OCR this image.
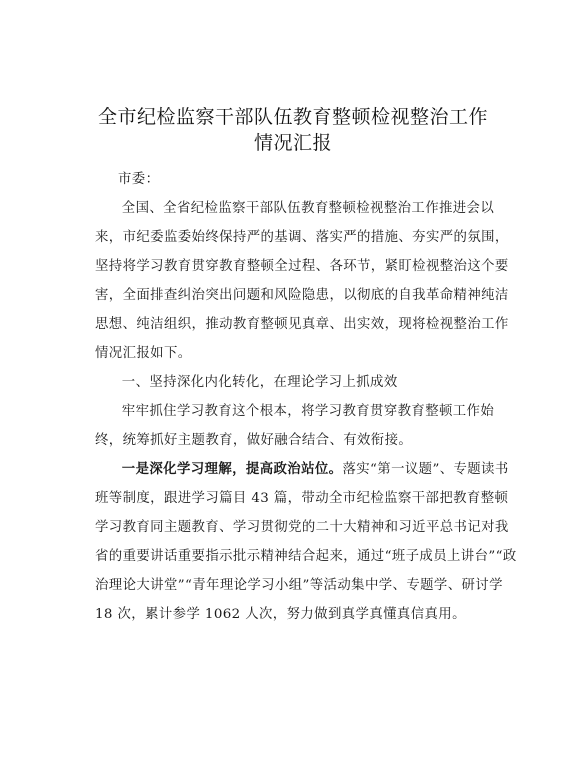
全市纪检监察干部队伍教育整顿检视整治工作
情况汇报
市委：
全国、全省纪检监察干部队伍教育整顿检视整治工作推进会以来，市纪委监委始终保持严的基调、落实严的措施、夯实严的氛围，坚持将学习教育贯穿教育整顿全过程、各环节，紧盯检视整治这个要害，全面排查纠治突出问题和风险隐患，以彻底的自我革命精神纯洁思想、纯洁组织，推动教育整顿见真章、出实效，现将检视整治工作情况汇报如下。
一、坚持深化内化转化，在理论学习上抓成效
牢牢抓住学习教育这个根本，将学习教育贯穿教育整顿工作始终，统筹抓好主题教育，做好融合结合、有效衔接。
一是深化学习理解，提高政治站位。落实“第一议题”、专题读书班等制度，跟进学习篇目 43 篇，带动全市纪检监察干部把教育整顿学习教育同主题教育、学习贯彻党的二十大精神和习近平总书记对我省的重要讲话重要指示批示精神结合起来，通过“班子成员上讲台”“政治理论大讲堂”“青年理论学习小组”等活动集中学、专题学、研讨学 18 次，累计参学 1062 人次，努力做到真学真懂真信真用。
